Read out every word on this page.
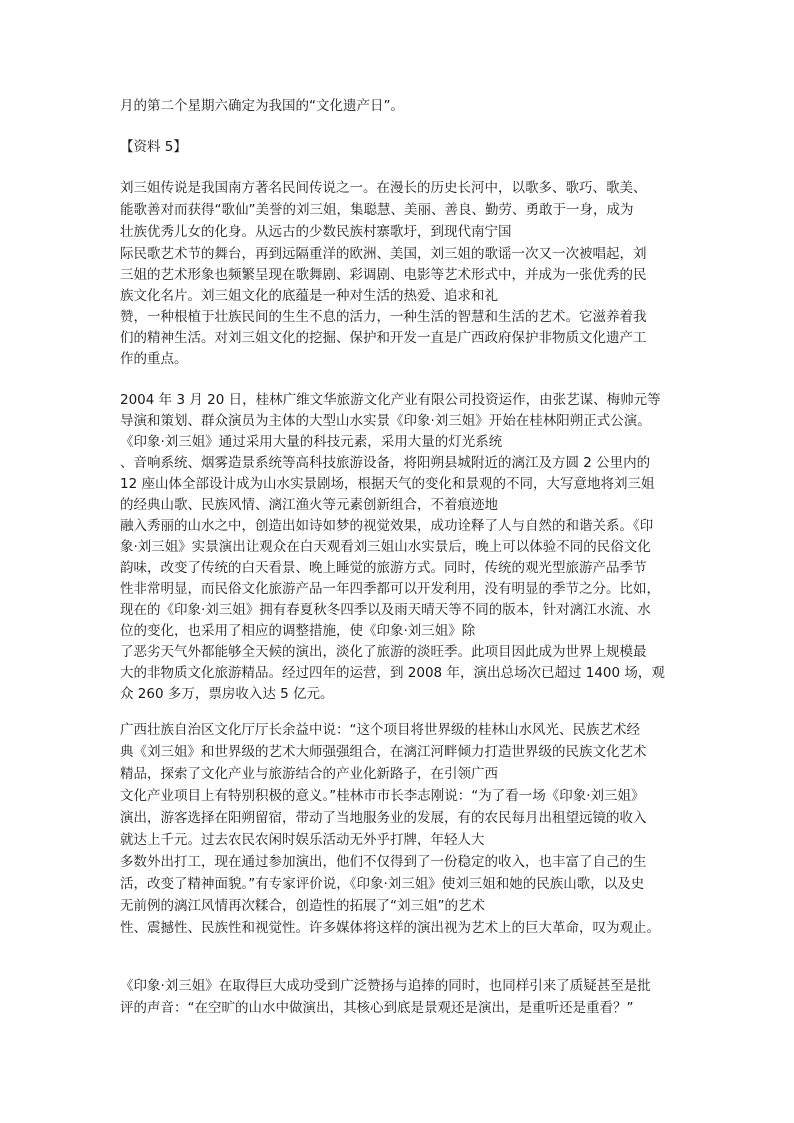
月的第二个星期六确定为我国的“文化遗产日”。
【资料 5】
刘三姐传说是我国南方著名民间传说之一。在漫长的历史长河中，以歌多、歌巧、歌美、
能歌善对而获得“歌仙”美誉的刘三姐，集聪慧、美丽、善良、勤劳、勇敢于一身，成为
壮族优秀儿女的化身。从远古的少数民族村寨歌圩，到现代南宁国
际民歌艺术节的舞台，再到远隔重洋的欧洲、美国，刘三姐的歌谣一次又一次被唱起，刘
三姐的艺术形象也频繁呈现在歌舞剧、彩调剧、电影等艺术形式中，并成为一张优秀的民
族文化名片。刘三姐文化的底蕴是一种对生活的热爱、追求和礼
赞，一种根植于壮族民间的生生不息的活力，一种生活的智慧和生活的艺术。它滋养着我
们的精神生活。对刘三姐文化的挖掘、保护和开发一直是广西政府保护非物质文化遗产工
作的重点。
2004 年 3 月 20 日，桂林广维文华旅游文化产业有限公司投资运作，由张艺谋、梅帅元等
导演和策划、群众演员为主体的大型山水实景《印象·刘三姐》开始在桂林阳朔正式公演。
《印象·刘三姐》通过采用大量的科技元素，采用大量的灯光系统
、音响系统、烟雾造景系统等高科技旅游设备，将阳朔县城附近的漓江及方圆 2 公里内的
12 座山体全部设计成为山水实景剧场，根据天气的变化和景观的不同，大写意地将刘三姐
的经典山歌、民族风情、漓江渔火等元素创新组合，不着痕迹地
融入秀丽的山水之中，创造出如诗如梦的视觉效果，成功诠释了人与自然的和谐关系。《印
象·刘三姐》实景演出让观众在白天观看刘三姐山水实景后，晚上可以体验不同的民俗文化
韵味，改变了传统的白天看景、晚上睡觉的旅游方式。同时，传统的观光型旅游产品季节
性非常明显，而民俗文化旅游产品一年四季都可以开发利用，没有明显的季节之分。比如，
现在的《印象·刘三姐》拥有春夏秋冬四季以及雨天晴天等不同的版本，针对漓江水流、水
位的变化，也采用了相应的调整措施，使《印象·刘三姐》除
了恶劣天气外都能够全天候的演出，淡化了旅游的淡旺季。此项目因此成为世界上规模最
大的非物质文化旅游精品。经过四年的运营，到 2008 年，演出总场次已超过 1400 场，观
众 260 多万，票房收入达 5 亿元。
广西壮族自治区文化厅厅长余益中说：“这个项目将世界级的桂林山水风光、民族艺术经
典《刘三姐》和世界级的艺术大师强强组合，在漓江河畔倾力打造世界级的民族文化艺术
精品，探索了文化产业与旅游结合的产业化新路子，在引领广西
文化产业项目上有特别积极的意义。”桂林市市长李志刚说：“为了看一场《印象·刘三姐》
演出，游客选择在阳朔留宿，带动了当地服务业的发展，有的农民每月出租望远镜的收入
就达上千元。过去农民农闲时娱乐活动无外乎打牌，年轻人大
多数外出打工，现在通过参加演出，他们不仅得到了一份稳定的收入，也丰富了自己的生
活，改变了精神面貌。”有专家评价说，《印象·刘三姐》使刘三姐和她的民族山歌，以及史
无前例的漓江风情再次糅合，创造性的拓展了“刘三姐”的艺术
性、震撼性、民族性和视觉性。许多媒体将这样的演出视为艺术上的巨大革命，叹为观止。
《印象·刘三姐》在取得巨大成功受到广泛赞扬与追捧的同时，也同样引来了质疑甚至是批
评的声音：“在空旷的山水中做演出，其核心到底是景观还是演出，是重听还是重看？”
